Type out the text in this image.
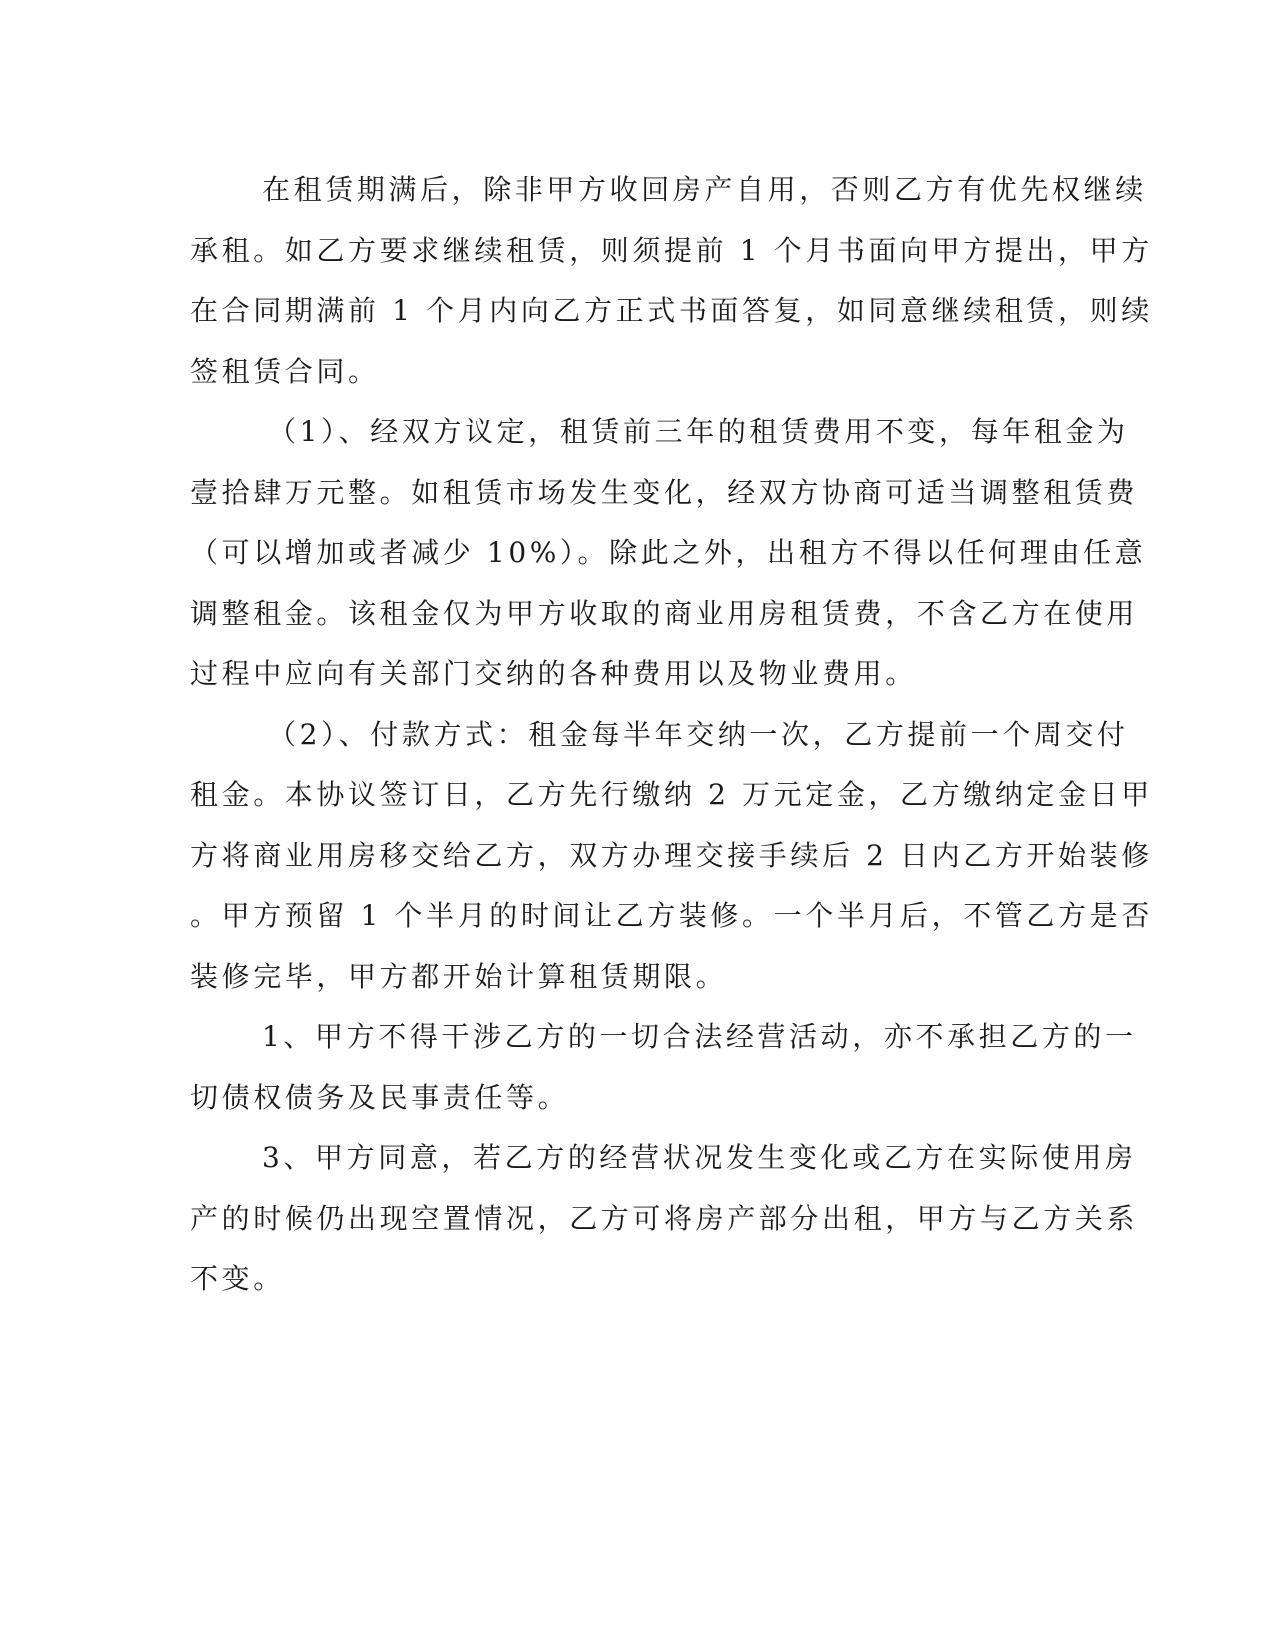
在租赁期满后，除非甲方收回房产自用，否则乙方有优先权继续
承租。如乙方要求继续租赁，则须提前 1 个月书面向甲方提出，甲方
在合同期满前 1 个月内向乙方正式书面答复，如同意继续租赁，则续
签租赁合同。
（1）、经双方议定，租赁前三年的租赁费用不变，每年租金为
壹拾肆万元整。如租赁市场发生变化，经双方协商可适当调整租赁费
（可以增加或者减少 10%）。除此之外，出租方不得以任何理由任意
调整租金。该租金仅为甲方收取的商业用房租赁费，不含乙方在使用
过程中应向有关部门交纳的各种费用以及物业费用。
（2）、付款方式：租金每半年交纳一次，乙方提前一个周交付
租金。本协议签订日，乙方先行缴纳 2 万元定金，乙方缴纳定金日甲
方将商业用房移交给乙方，双方办理交接手续后 2 日内乙方开始装修
。甲方预留 1 个半月的时间让乙方装修。一个半月后，不管乙方是否
装修完毕，甲方都开始计算租赁期限。
1、甲方不得干涉乙方的一切合法经营活动，亦不承担乙方的一
切债权债务及民事责任等。
3、甲方同意，若乙方的经营状况发生变化或乙方在实际使用房
产的时候仍出现空置情况，乙方可将房产部分出租，甲方与乙方关系
不变。
